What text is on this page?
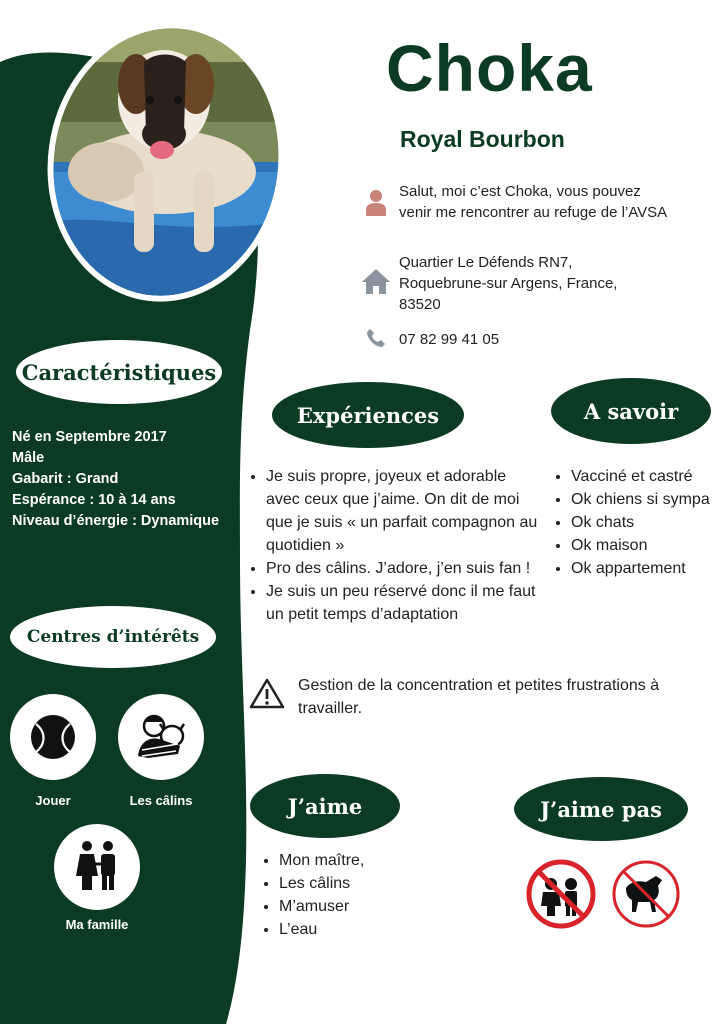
Choka
Royal Bourbon
Salut, moi c’est Choka, vous pouvez venir me rencontrer au refuge de l’AVSA
Quartier Le Défends RN7, Roquebrune-sur Argens, France, 83520
07 82 99 41 05
Caractéristiques
Né en Septembre 2017
Mâle
Gabarit : Grand
Espérance : 10 à 14 ans
Niveau d’énergie : Dynamique
Centres d’intérêts
Jouer	Les câlins
Ma famille
Expériences
• Je suis propre, joyeux et adorable avec ceux que j’aime. On dit de moi que je suis « un parfait compagnon au quotidien »
• Pro des câlins. J’adore, j’en suis fan !
• Je suis un peu réservé donc il me faut un petit temps d’adaptation
A savoir
• Vacciné et castré
• Ok chiens si sympa
• Ok chats
• Ok maison
• Ok appartement
Gestion de la concentration et petites frustrations à travailler.
J’aime
• Mon maître,
• Les câlins
• M’amuser
• L’eau
J’aime pas
